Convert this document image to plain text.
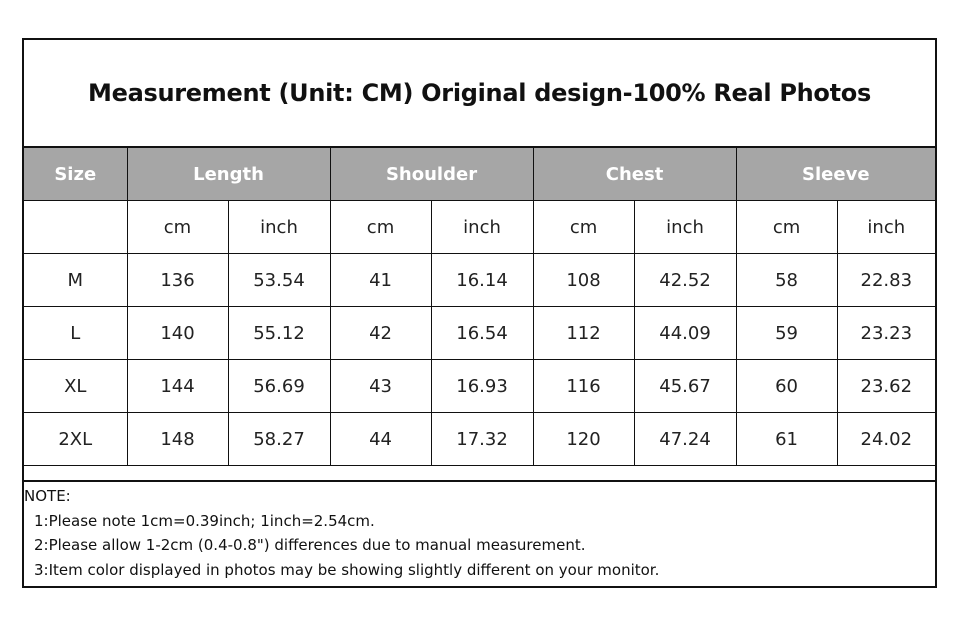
Measurement (Unit: CM) Original design-100% Real Photos
Size	Length		Shoulder		Chest		Sleeve	
	cm	inch	cm	inch	cm	inch	cm	inch
M	136	53.54	41	16.14	108	42.52	58	22.83
L	140	55.12	42	16.54	112	44.09	59	23.23
XL	144	56.69	43	16.93	116	45.67	60	23.62
2XL	148	58.27	44	17.32	120	47.24	61	24.02
NOTE:
1:Please note 1cm=0.39inch; 1inch=2.54cm.
2:Please allow 1-2cm (0.4-0.8") differences due to manual measurement.
3:Item color displayed in photos may be showing slightly different on your monitor.
